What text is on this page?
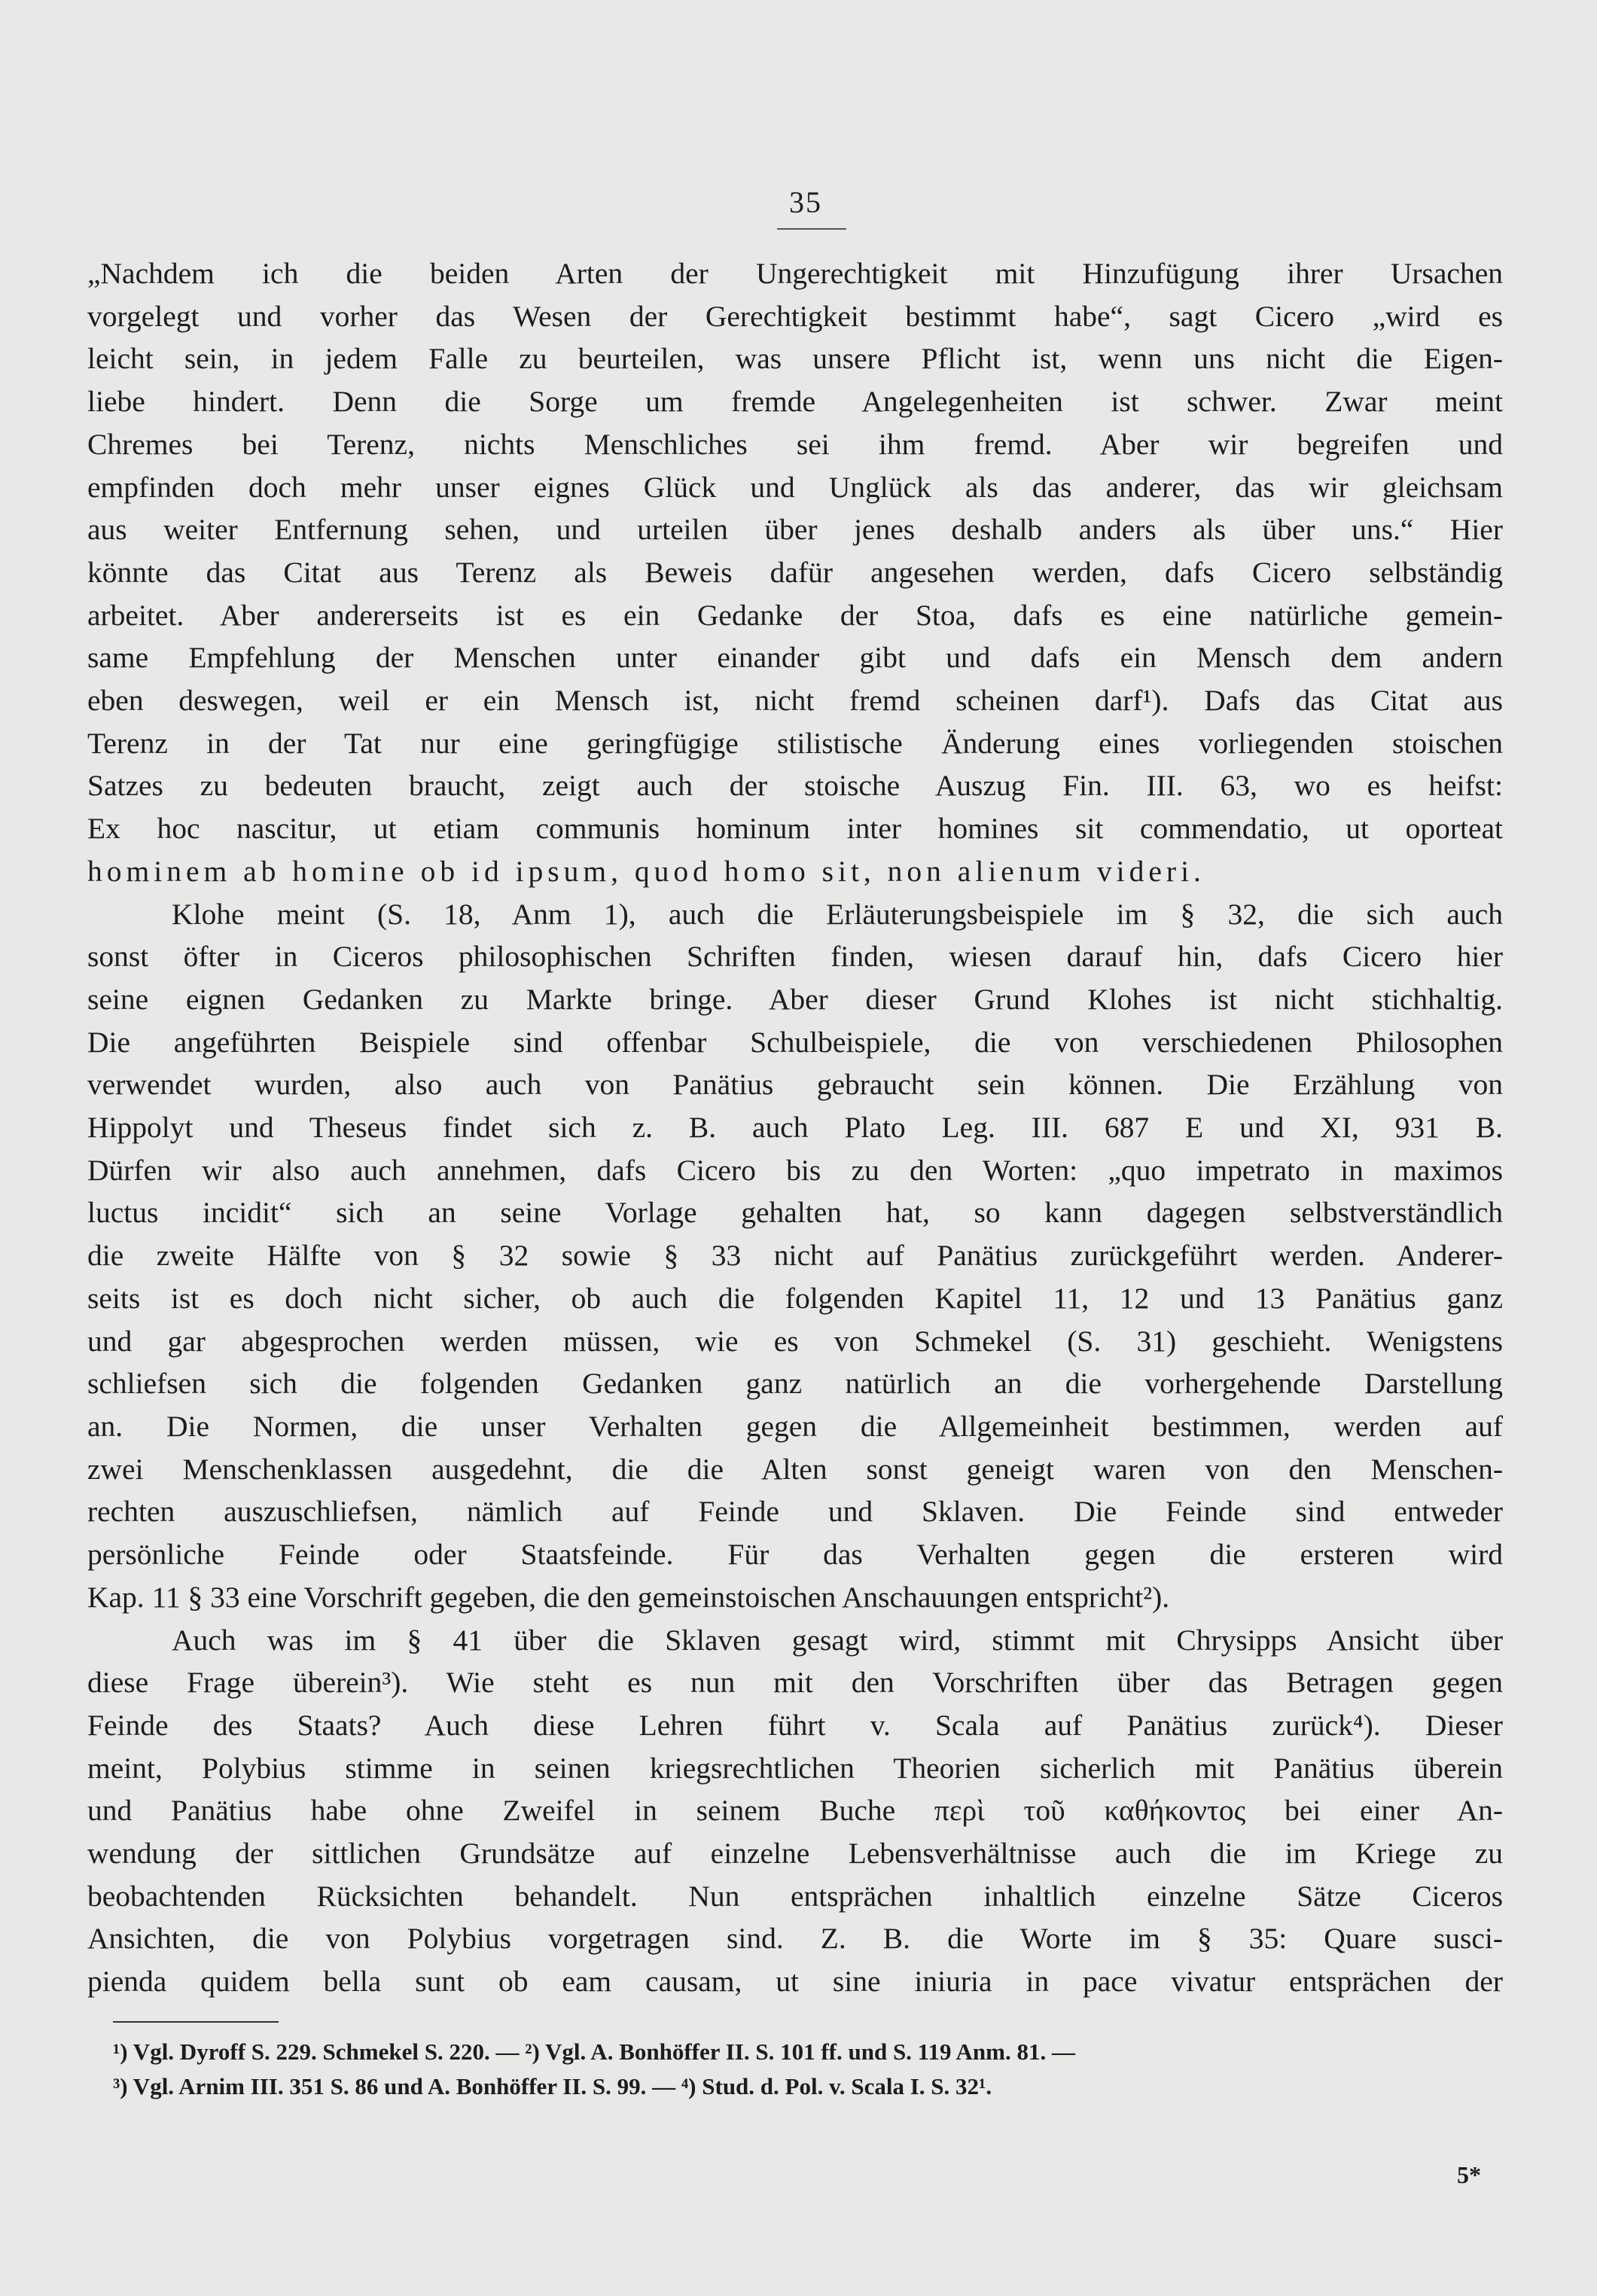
35
„Nachdem ich die beiden Arten der Ungerechtigkeit mit Hinzufügung ihrer Ursachen
vorgelegt und vorher das Wesen der Gerechtigkeit bestimmt habe“, sagt Cicero „wird es
leicht sein, in jedem Falle zu beurteilen, was unsere Pflicht ist, wenn uns nicht die Eigen-
liebe hindert. Denn die Sorge um fremde Angelegenheiten ist schwer. Zwar meint
Chremes bei Terenz, nichts Menschliches sei ihm fremd. Aber wir begreifen und
empfinden doch mehr unser eignes Glück und Unglück als das anderer, das wir gleichsam
aus weiter Entfernung sehen, und urteilen über jenes deshalb anders als über uns.“ Hier
könnte das Citat aus Terenz als Beweis dafür angesehen werden, dafs Cicero selbständig
arbeitet. Aber andererseits ist es ein Gedanke der Stoa, dafs es eine natürliche gemein-
same Empfehlung der Menschen unter einander gibt und dafs ein Mensch dem andern
eben deswegen, weil er ein Mensch ist, nicht fremd scheinen darf¹). Dafs das Citat aus
Terenz in der Tat nur eine geringfügige stilistische Änderung eines vorliegenden stoischen
Satzes zu bedeuten braucht, zeigt auch der stoische Auszug Fin. III. 63, wo es heifst:
Ex hoc nascitur, ut etiam communis hominum inter homines sit commendatio, ut oporteat
hominem ab homine ob id ipsum, quod homo sit, non alienum videri.
Klohe meint (S. 18, Anm 1), auch die Erläuterungsbeispiele im § 32, die sich auch
sonst öfter in Ciceros philosophischen Schriften finden, wiesen darauf hin, dafs Cicero hier
seine eignen Gedanken zu Markte bringe. Aber dieser Grund Klohes ist nicht stichhaltig.
Die angeführten Beispiele sind offenbar Schulbeispiele, die von verschiedenen Philosophen
verwendet wurden, also auch von Panätius gebraucht sein können. Die Erzählung von
Hippolyt und Theseus findet sich z. B. auch Plato Leg. III. 687 E und XI, 931 B.
Dürfen wir also auch annehmen, dafs Cicero bis zu den Worten: „quo impetrato in maximos
luctus incidit“ sich an seine Vorlage gehalten hat, so kann dagegen selbstverständlich
die zweite Hälfte von § 32 sowie § 33 nicht auf Panätius zurückgeführt werden. Anderer-
seits ist es doch nicht sicher, ob auch die folgenden Kapitel 11, 12 und 13 Panätius ganz
und gar abgesprochen werden müssen, wie es von Schmekel (S. 31) geschieht. Wenigstens
schliefsen sich die folgenden Gedanken ganz natürlich an die vorhergehende Darstellung
an. Die Normen, die unser Verhalten gegen die Allgemeinheit bestimmen, werden auf
zwei Menschenklassen ausgedehnt, die die Alten sonst geneigt waren von den Menschen-
rechten auszuschliefsen, nämlich auf Feinde und Sklaven. Die Feinde sind entweder
persönliche Feinde oder Staatsfeinde. Für das Verhalten gegen die ersteren wird
Kap. 11 § 33 eine Vorschrift gegeben, die den gemeinstoischen Anschauungen entspricht²).
Auch was im § 41 über die Sklaven gesagt wird, stimmt mit Chrysipps Ansicht über
diese Frage überein³). Wie steht es nun mit den Vorschriften über das Betragen gegen
Feinde des Staats? Auch diese Lehren führt v. Scala auf Panätius zurück⁴). Dieser
meint, Polybius stimme in seinen kriegsrechtlichen Theorien sicherlich mit Panätius überein
und Panätius habe ohne Zweifel in seinem Buche περὶ τοῦ καθήκοντος bei einer An-
wendung der sittlichen Grundsätze auf einzelne Lebensverhältnisse auch die im Kriege zu
beobachtenden Rücksichten behandelt. Nun entsprächen inhaltlich einzelne Sätze Ciceros
Ansichten, die von Polybius vorgetragen sind. Z. B. die Worte im § 35: Quare susci-
pienda quidem bella sunt ob eam causam, ut sine iniuria in pace vivatur entsprächen der
¹) Vgl. Dyroff S. 229. Schmekel S. 220. — ²) Vgl. A. Bonhöffer II. S. 101 ff. und S. 119 Anm. 81. —
³) Vgl. Arnim III. 351 S. 86 und A. Bonhöffer II. S. 99. — ⁴) Stud. d. Pol. v. Scala I. S. 32¹.
5*
